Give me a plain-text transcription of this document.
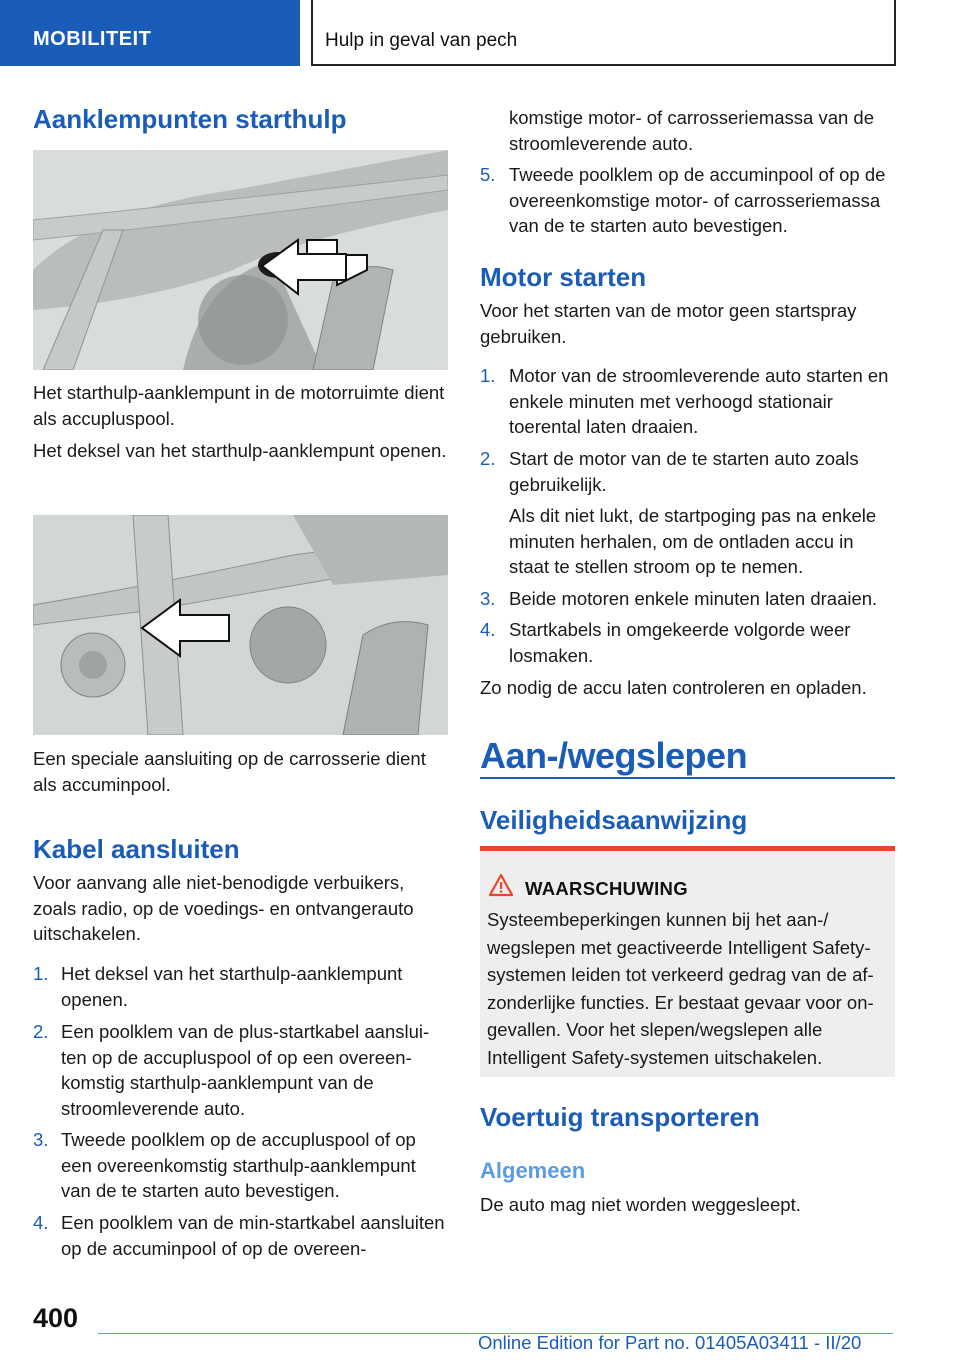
MOBILITEIT	Hulp in geval van pech
Aanklempunten starthulp

Het starthulp-aanklempunt in de motorruimte dient als accupluspool.

Het deksel van het starthulp-aanklempunt openen.

Een speciale aansluiting op de carrosserie dient als accuminpool.

Kabel aansluiten

Voor aanvang alle niet-benodigde verbuikers, zoals radio, op de voedings- en ontvangerauto uitschakelen.

1. Het deksel van het starthulp-aanklempunt openen.
2. Een poolklem van de plus-startkabel aansluiten op de accupluspool of op een overeenkomstig starthulp-aanklempunt van de stroomleverende auto.
3. Tweede poolklem op de accupluspool of op een overeenkomstig starthulp-aanklempunt van de te starten auto bevestigen.
4. Een poolklem van de min-startkabel aansluiten op de accuminpool of op de overeen-
komstige motor- of carrosseriemassa van de stroomleverende auto.
5. Tweede poolklem op de accuminpool of op de overeenkomstige motor- of carrosseriemassa van de te starten auto bevestigen.
Motor starten

Voor het starten van de motor geen startspray gebruiken.

1. Motor van de stroomleverende auto starten en enkele minuten met verhoogd stationair toerental laten draaien.
2. Start de motor van de te starten auto zoals gebruikelijk.
Als dit niet lukt, de startpoging pas na enkele minuten herhalen, om de ontladen accu in staat te stellen stroom op te nemen.
3. Beide motoren enkele minuten laten draaien.
4. Startkabels in omgekeerde volgorde weer losmaken.

Zo nodig de accu laten controleren en opladen.

Aan-/wegslepen
Veiligheidsaanwijzing
WAARSCHUWING

Systeembeperkingen kunnen bij het aan-/ wegslepen met geactiveerde Intelligent Safetysystemen leiden tot verkeerd gedrag van de afzonderlijke functies. Er bestaat gevaar voor ongevallen. Voor het slepen/wegslepen alle Intelligent Safety-systemen uitschakelen.

Voertuig transporteren
Algemeen

De auto mag niet worden weggesleept.

400
Online Edition for Part no. 01405A03411 - II/20
